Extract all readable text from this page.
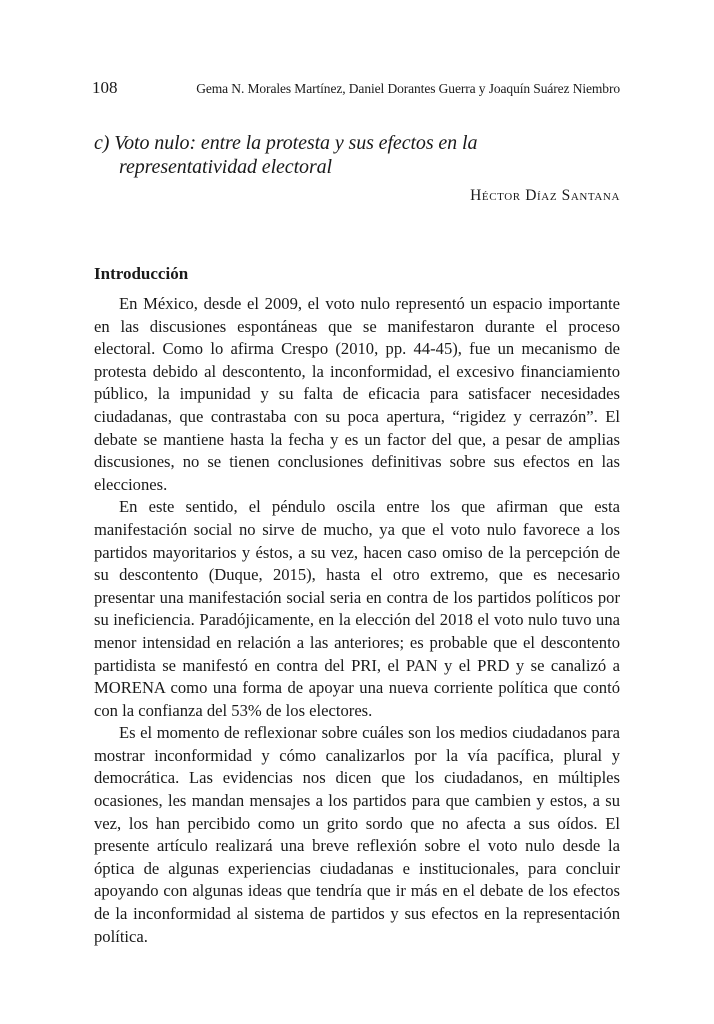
108	Gema N. Morales Martínez, Daniel Dorantes Guerra y Joaquín Suárez Niembro
c) Voto nulo: entre la protesta y sus efectos en la representatividad electoral
Héctor Díaz Santana
Introducción

En México, desde el 2009, el voto nulo representó un espacio importante en las discusiones espontáneas que se manifestaron durante el proceso electoral. Como lo afirma Crespo (2010, pp. 44-45), fue un mecanismo de protesta debido al descontento, la inconformidad, el excesivo financiamiento público, la impunidad y su falta de eficacia para satisfacer necesidades ciudadanas, que contrastaba con su poca apertura, “rigidez y cerrazón”. El debate se mantiene hasta la fecha y es un factor del que, a pesar de amplias discusiones, no se tienen conclusiones definitivas sobre sus efectos en las elecciones.

En este sentido, el péndulo oscila entre los que afirman que esta manifestación social no sirve de mucho, ya que el voto nulo favorece a los partidos mayoritarios y éstos, a su vez, hacen caso omiso de la percepción de su descontento (Duque, 2015), hasta el otro extremo, que es necesario presentar una manifestación social seria en contra de los partidos políticos por su ineficiencia. Paradójicamente, en la elección del 2018 el voto nulo tuvo una menor intensidad en relación a las anteriores; es probable que el descontento partidista se manifestó en contra del PRI, el PAN y el PRD y se canalizó a MORENA como una forma de apoyar una nueva corriente política que contó con la confianza del 53% de los electores.

Es el momento de reflexionar sobre cuáles son los medios ciudadanos para mostrar inconformidad y cómo canalizarlos por la vía pacífica, plural y democrática. Las evidencias nos dicen que los ciudadanos, en múltiples ocasiones, les mandan mensajes a los partidos para que cambien y estos, a su vez, los han percibido como un grito sordo que no afecta a sus oídos. El presente artículo realizará una breve reflexión sobre el voto nulo desde la óptica de algunas experiencias ciudadanas e institucionales, para concluir apoyando con algunas ideas que tendría que ir más en el debate de los efectos de la inconformidad al sistema de partidos y sus efectos en la representación política.
